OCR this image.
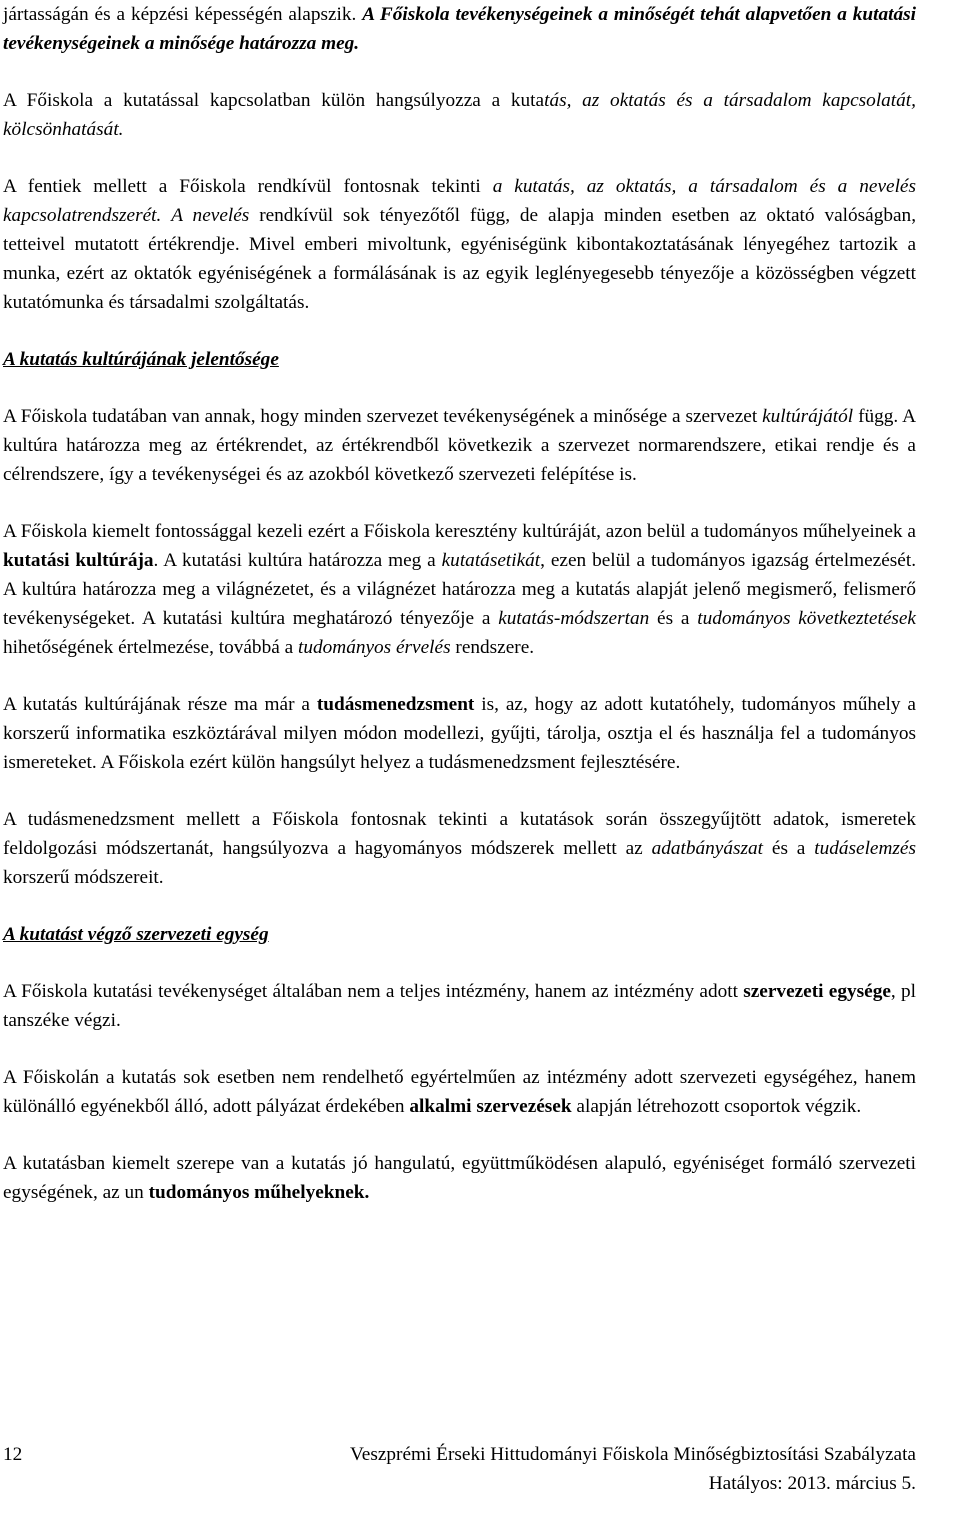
jártasságán és a képzési képességén alapszik. A Főiskola tevékenységeinek a minőségét tehát alapvetően a kutatási tevékenységeinek a minősége határozza meg.

A Főiskola a kutatással kapcsolatban külön hangsúlyozza a kutatás, az oktatás és a társadalom kapcsolatát, kölcsönhatását.

A fentiek mellett a Főiskola rendkívül fontosnak tekinti a kutatás, az oktatás, a társadalom és a nevelés kapcsolatrendszerét. A nevelés rendkívül sok tényezőtől függ, de alapja minden esetben az oktató valóságban, tetteivel mutatott értékrendje. Mivel emberi mivoltunk, egyéniségünk kibontakoztatásának lényegéhez tartozik a munka, ezért az oktatók egyéniségének a formálásának is az egyik leglényegesebb tényezője a közösségben végzett kutatómunka és társadalmi szolgáltatás.

A kutatás kultúrájának jelentősége

A Főiskola tudatában van annak, hogy minden szervezet tevékenységének a minősége a szervezet kultúrájától függ. A kultúra határozza meg az értékrendet, az értékrendből következik a szervezet normarendszere, etikai rendje és a célrendszere, így a tevékenységei és az azokból következő szervezeti felépítése is.

A Főiskola kiemelt fontossággal kezeli ezért a Főiskola keresztény kultúráját, azon belül a tudományos műhelyeinek a kutatási kultúrája. A kutatási kultúra határozza meg a kutatásetikát, ezen belül a tudományos igazság értelmezését. A kultúra határozza meg a világnézetet, és a világnézet határozza meg a kutatás alapját jelenő megismerő, felismerő tevékenységeket. A kutatási kultúra meghatározó tényezője a kutatás-módszertan és a tudományos következtetések hihetőségének értelmezése, továbbá a tudományos érvelés rendszere.

A kutatás kultúrájának része ma már a tudásmenedzsment is, az, hogy az adott kutatóhely, tudományos műhely a korszerű informatika eszköztárával milyen módon modellezi, gyűjti, tárolja, osztja el és használja fel a tudományos ismereteket. A Főiskola ezért külön hangsúlyt helyez a tudásmenedzsment fejlesztésére.

A tudásmenedzsment mellett a Főiskola fontosnak tekinti a kutatások során összegyűjtött adatok, ismeretek feldolgozási módszertanát, hangsúlyozva a hagyományos módszerek mellett az adatbányászat és a tudáselemzés korszerű módszereit.

A kutatást végző szervezeti egység

A Főiskola kutatási tevékenységet általában nem a teljes intézmény, hanem az intézmény adott szervezeti egysége, pl tanszéke végzi.

A Főiskolán a kutatás sok esetben nem rendelhető egyértelműen az intézmény adott szervezeti egységéhez, hanem különálló egyénekből álló, adott pályázat érdekében alkalmi szervezések alapján létrehozott csoportok végzik.

A kutatásban kiemelt szerepe van a kutatás jó hangulatú, együttműködésen alapuló, egyéniséget formáló szervezeti egységének, az un tudományos műhelyeknek.

12	Veszprémi Érseki Hittudományi Főiskola Minőségbiztosítási Szabályzata
Hatályos: 2013. március 5.
